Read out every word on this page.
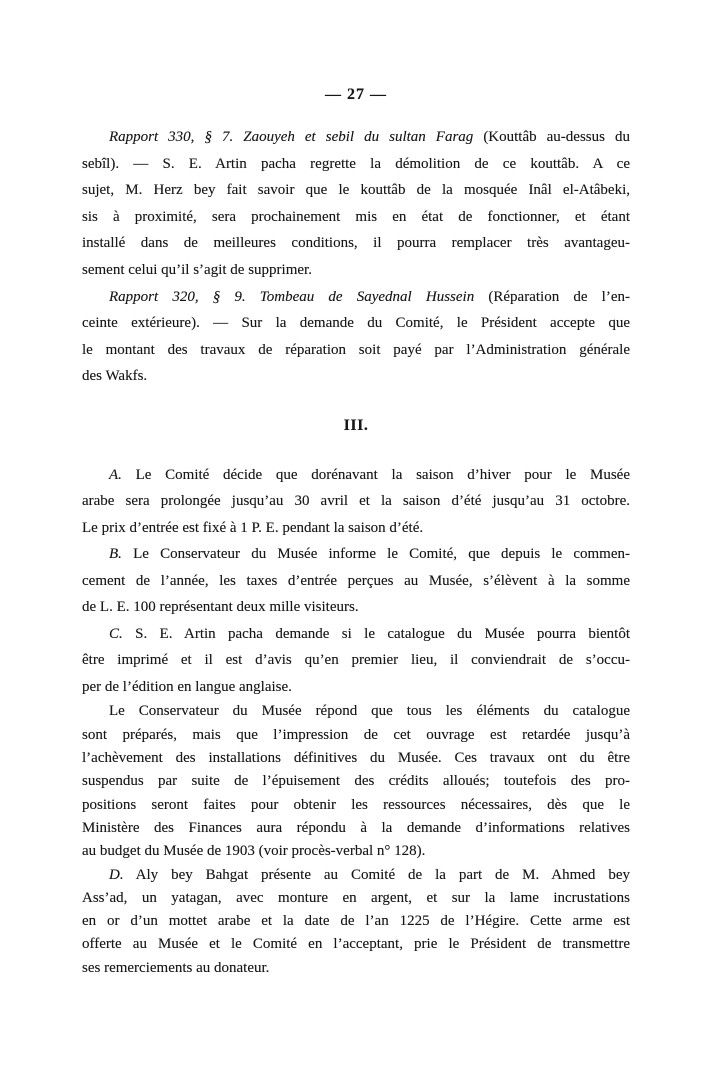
— 27 —
Rapport 330, § 7. Zaouyeh et sebil du sultan Farag (Kouttâb au-dessus du
sebîl). — S. E. Artin pacha regrette la démolition de ce kouttâb. A ce
sujet, M. Herz bey fait savoir que le kouttâb de la mosquée Inâl el-Atâbeki,
sis à proximité, sera prochainement mis en état de fonctionner, et étant
installé dans de meilleures conditions, il pourra remplacer très avantageu-
sement celui qu’il s’agit de supprimer.
Rapport 320, § 9. Tombeau de Sayednal Hussein (Réparation de l’en-
ceinte extérieure). — Sur la demande du Comité, le Président accepte que
le montant des travaux de réparation soit payé par l’Administration générale
des Wakfs.
III.
A. Le Comité décide que dorénavant la saison d’hiver pour le Musée
arabe sera prolongée jusqu’au 30 avril et la saison d’été jusqu’au 31 octobre.
Le prix d’entrée est fixé à 1 P. E. pendant la saison d’été.
B. Le Conservateur du Musée informe le Comité, que depuis le commen-
cement de l’année, les taxes d’entrée perçues au Musée, s’élèvent à la somme
de L. E. 100 représentant deux mille visiteurs.
C. S. E. Artin pacha demande si le catalogue du Musée pourra bientôt
être imprimé et il est d’avis qu’en premier lieu, il conviendrait de s’occu-
per de l’édition en langue anglaise.
Le Conservateur du Musée répond que tous les éléments du catalogue
sont préparés, mais que l’impression de cet ouvrage est retardée jusqu’à
l’achèvement des installations définitives du Musée. Ces travaux ont du être
suspendus par suite de l’épuisement des crédits alloués; toutefois des pro-
positions seront faites pour obtenir les ressources nécessaires, dès que le
Ministère des Finances aura répondu à la demande d’informations relatives
au budget du Musée de 1903 (voir procès-verbal n° 128).
D. Aly bey Bahgat présente au Comité de la part de M. Ahmed bey
Ass’ad, un yatagan, avec monture en argent, et sur la lame incrustations
en or d’un mottet arabe et la date de l’an 1225 de l’Hégire. Cette arme est
offerte au Musée et le Comité en l’acceptant, prie le Président de transmettre
ses remerciements au donateur.
